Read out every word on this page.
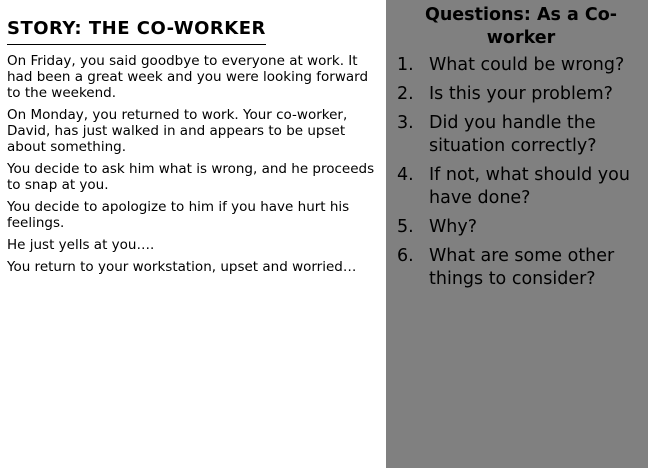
STORY: THE CO-WORKER

On Friday, you said goodbye to everyone at work. It had been a great week and you were looking forward to the weekend.

On Monday, you returned to work. Your co-worker, David, has just walked in and appears to be upset about something.

You decide to ask him what is wrong, and he proceeds to snap at you.

You decide to apologize to him if you have hurt his feelings.

He just yells at you….

You return to your workstation, upset and worried…

Questions: As a Co-worker
1. What could be wrong?
2. Is this your problem?
3. Did you handle the situation correctly?
4. If not, what should you have done?
5. Why?
6. What are some other things to consider?
